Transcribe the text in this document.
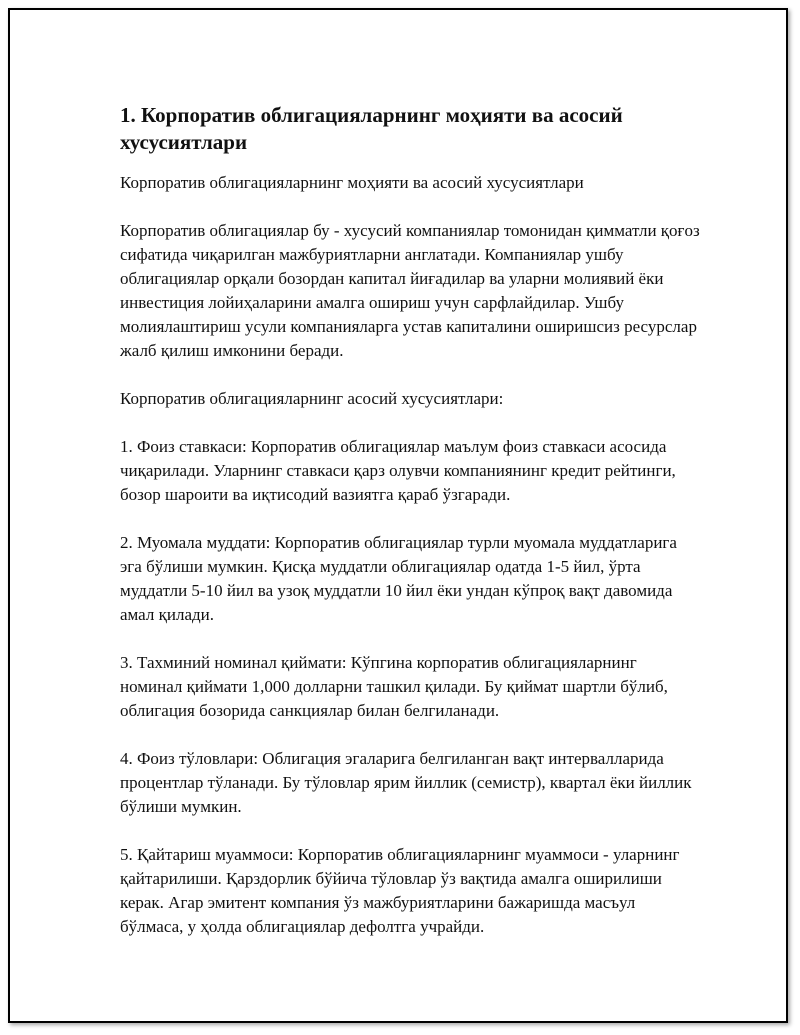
1. Корпоратив облигацияларнинг моҳияти ва асосий хусусиятлари

Корпоратив облигацияларнинг моҳияти ва асосий хусусиятлари

Корпоратив облигациялар бу - хусусий компаниялар томонидан қимматли қоғоз сифатида чиқарилган мажбуриятларни англатади. Компаниялар ушбу облигациялар орқали бозордан капитал йиғадилар ва уларни молиявий ёки инвестиция лойиҳаларини амалга ошириш учун сарфлайдилар. Ушбу молиялаштириш усули компанияларга устав капиталини оширишсиз ресурслар жалб қилиш имконини беради.

Корпоратив облигацияларнинг асосий хусусиятлари:

1. Фоиз ставкаси: Корпоратив облигациялар маълум фоиз ставкаси асосида чиқарилади. Уларнинг ставкаси қарз олувчи компаниянинг кредит рейтинги, бозор шароити ва иқтисодий вазиятга қараб ўзгаради.

2. Муомала муддати: Корпоратив облигациялар турли муомала муддатларига эга бўлиши мумкин. Қисқа муддатли облигациялар одатда 1-5 йил, ўрта муддатли 5-10 йил ва узоқ муддатли 10 йил ёки ундан кўпроқ вақт давомида амал қилади.

3. Тахминий номинал қиймати: Кўпгина корпоратив облигацияларнинг номинал қиймати 1,000 долларни ташкил қилади. Бу қиймат шартли бўлиб, облигация бозорида санкциялар билан белгиланади.

4. Фоиз тўловлари: Облигация эгаларига белгиланган вақт интервалларида процентлар тўланади. Бу тўловлар ярим йиллик (семистр), квартал ёки йиллик бўлиши мумкин.

5. Қайтариш муаммоси: Корпоратив облигацияларнинг муаммоси - уларнинг қайтарилиши. Қарздорлик бўйича тўловлар ўз вақтида амалга оширилиши керак. Агар эмитент компания ўз мажбуриятларини бажаришда масъул бўлмаса, у ҳолда облигациялар дефолтга учрайди.
